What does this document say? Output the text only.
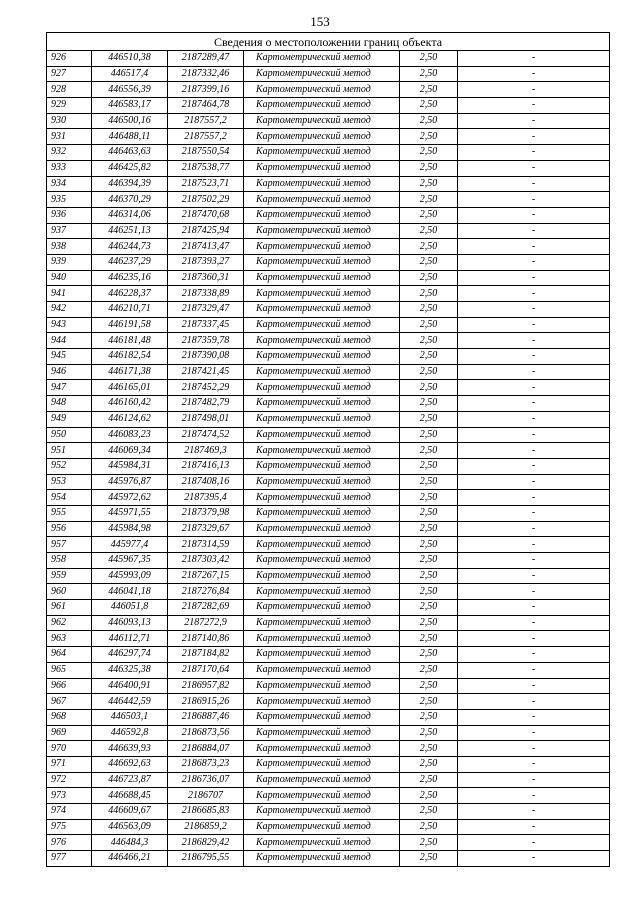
153
Сведения о местоположении границ объекта					
926	446510,38	2187289,47	Картометрический метод	2,50	-
927	446517,4	2187332,46	Картометрический метод	2,50	-
928	446556,39	2187399,16	Картометрический метод	2,50	-
929	446583,17	2187464,78	Картометрический метод	2,50	-
930	446500,16	2187557,2	Картометрический метод	2,50	-
931	446488,11	2187557,2	Картометрический метод	2,50	-
932	446463,63	2187550,54	Картометрический метод	2,50	-
933	446425,82	2187538,77	Картометрический метод	2,50	-
934	446394,39	2187523,71	Картометрический метод	2,50	-
935	446370,29	2187502,29	Картометрический метод	2,50	-
936	446314,06	2187470,68	Картометрический метод	2,50	-
937	446251,13	2187425,94	Картометрический метод	2,50	-
938	446244,73	2187413,47	Картометрический метод	2,50	-
939	446237,29	2187393,27	Картометрический метод	2,50	-
940	446235,16	2187360,31	Картометрический метод	2,50	-
941	446228,37	2187338,89	Картометрический метод	2,50	-
942	446210,71	2187329,47	Картометрический метод	2,50	-
943	446191,58	2187337,45	Картометрический метод	2,50	-
944	446181,48	2187359,78	Картометрический метод	2,50	-
945	446182,54	2187390,08	Картометрический метод	2,50	-
946	446171,38	2187421,45	Картометрический метод	2,50	-
947	446165,01	2187452,29	Картометрический метод	2,50	-
948	446160,42	2187482,79	Картометрический метод	2,50	-
949	446124,62	2187498,01	Картометрический метод	2,50	-
950	446083,23	2187474,52	Картометрический метод	2,50	-
951	446069,34	2187469,3	Картометрический метод	2,50	-
952	445984,31	2187416,13	Картометрический метод	2,50	-
953	445976,87	2187408,16	Картометрический метод	2,50	-
954	445972,62	2187395,4	Картометрический метод	2,50	-
955	445971,55	2187379,98	Картометрический метод	2,50	-
956	445984,98	2187329,67	Картометрический метод	2,50	-
957	445977,4	2187314,59	Картометрический метод	2,50	-
958	445967,35	2187303,42	Картометрический метод	2,50	-
959	445993,09	2187267,15	Картометрический метод	2,50	-
960	446041,18	2187276,84	Картометрический метод	2,50	-
961	446051,8	2187282,69	Картометрический метод	2,50	-
962	446093,13	2187272,9	Картометрический метод	2,50	-
963	446112,71	2187140,86	Картометрический метод	2,50	-
964	446297,74	2187184,82	Картометрический метод	2,50	-
965	446325,38	2187170,64	Картометрический метод	2,50	-
966	446400,91	2186957,82	Картометрический метод	2,50	-
967	446442,59	2186915,26	Картометрический метод	2,50	-
968	446503,1	2186887,46	Картометрический метод	2,50	-
969	446592,8	2186873,56	Картометрический метод	2,50	-
970	446639,93	2186884,07	Картометрический метод	2,50	-
971	446692,63	2186873,23	Картометрический метод	2,50	-
972	446723,87	2186736,07	Картометрический метод	2,50	-
973	446688,45	2186707	Картометрический метод	2,50	-
974	446609,67	2186685,83	Картометрический метод	2,50	-
975	446563,09	2186859,2	Картометрический метод	2,50	-
976	446484,3	2186829,42	Картометрический метод	2,50	-
977	446466,21	2186795,55	Картометрический метод	2,50	-
